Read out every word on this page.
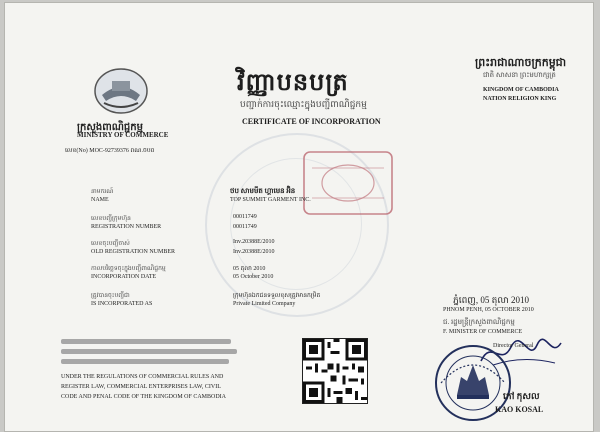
ក្រសួងពាណិជ្ជកម្ម
MINISTRY OF COMMERCE
លេខ(No) MOC-92739376 ពណ.ចបព
វិញ្ញាបនបត្រ
បញ្ជាក់ការចុះឈ្មោះក្នុងបញ្ជីពាណិជ្ជកម្ម
CERTIFICATE OF INCORPORATION
ព្រះរាជាណាចក្រកម្ពុជា
ជាតិ សាសនា ព្រះមហាក្សត្រ
KINGDOM OF CAMBODIA
NATION RELIGION KING
នាមករណ៍
NAME
ថប សាមមីត ហ្គាមេន អ៊ិន
TOP SUMMIT GARMENT INC.
លេខបញ្ជីក្រុមហ៊ុន
REGISTRATION NUMBER
00011749
00011749
លេខចុះបញ្ជីចាស់
OLD REGISTRATION NUMBER
Inv.20388E/2010
Inv.20388E/2010
កាលបរិច្ឆេទចុះក្នុងបញ្ជីពាណិជ្ជកម្ម
INCORPORATION DATE
05 តុលា 2010
05 October 2010
ត្រូវបានចុះបញ្ជីជា
IS INCORPORATED AS
ក្រុមហ៊ុនឯកជនទទួលខុសត្រូវមានកម្រិត
Private Limited Company
UNDER THE REGULATIONS OF COMMERCIAL RULES AND
REGISTER LAW, COMMERCIAL ENTERPRISES LAW, CIVIL
CODE AND PENAL CODE OF THE KINGDOM OF CAMBODIA
ភ្នំពេញ, 05 តុលា 2010
PHNOM PENH, 05 OCTOBER 2010
ជ. រដ្ឋមន្ត្រីក្រសួងពាណិជ្ជកម្ម
F. MINISTER OF COMMERCE
Director General
កៅ កុសល
KAO KOSAL
